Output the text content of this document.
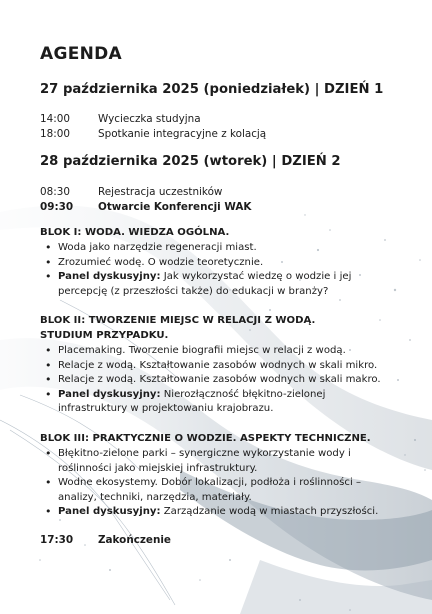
AGENDA
27 października 2025 (poniedziałek) | DZIEŃ 1
14:00	Wycieczka studyjna
18:00	Spotkanie integracyjne z kolacją
28 października 2025 (wtorek) | DZIEŃ 2
08:30	Rejestracja uczestników
09:30 Otwarcie Konferencji WAK
BLOK I: WODA. WIEDZA OGÓLNA.
• Woda jako narzędzie regeneracji miast.
• Zrozumieć wodę. O wodzie teoretycznie.
• Panel dyskusyjny: Jak wykorzystać wiedzę o wodzie i jej percepcję (z przeszłości także) do edukacji w branży?
BLOK II: TWORZENIE MIEJSC W RELACJI Z WODĄ. STUDIUM PRZYPADKU.
• Placemaking. Tworzenie biografii miejsc w relacji z wodą.
• Relacje z wodą. Kształtowanie zasobów wodnych w skali mikro.
• Relacje z wodą. Kształtowanie zasobów wodnych w skali makro.
• Panel dyskusyjny: Nierozłączność błękitno-zielonej infrastruktury w projektowaniu krajobrazu.
BLOK III: PRAKTYCZNIE O WODZIE. ASPEKTY TECHNICZNE.
• Błękitno-zielone parki – synergiczne wykorzystanie wody i roślinności jako miejskiej infrastruktury.
• Wodne ekosystemy. Dobór lokalizacji, podłoża i roślinności – analizy, techniki, narzędzia, materiały.
• Panel dyskusyjny: Zarządzanie wodą w miastach przyszłości.
17:30 Zakończenie
